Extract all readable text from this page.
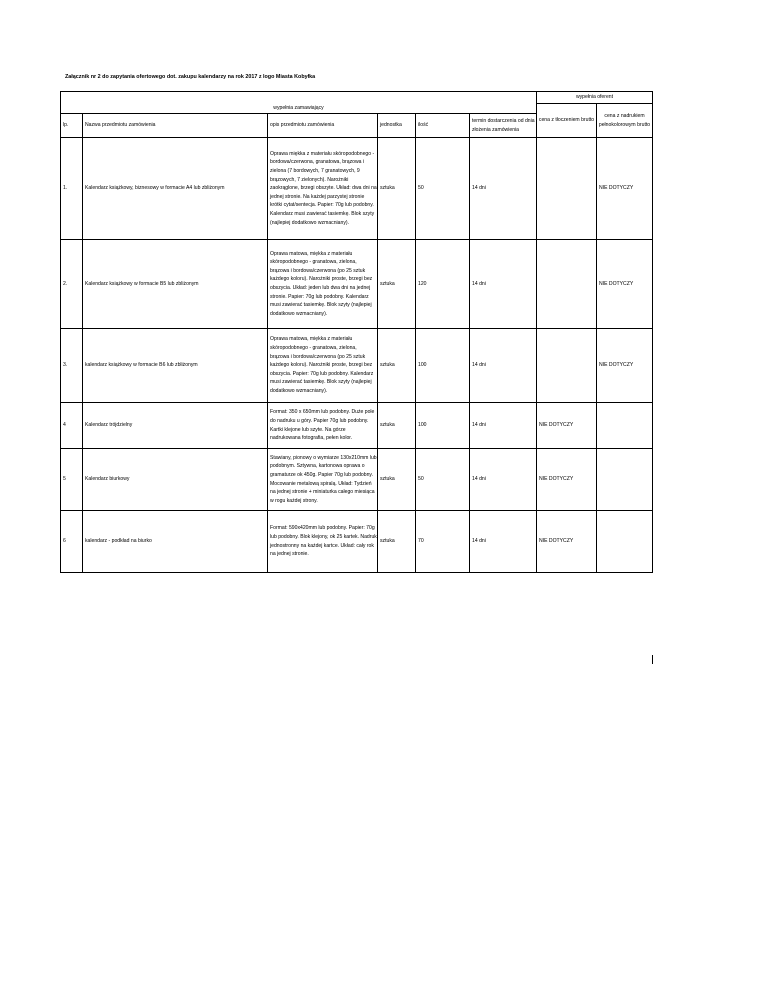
Załącznik nr 2 do zapytania ofertowego dot. zakupu kalendarzy na rok 2017 z logo Miasta Kobyłka
						wypełnia oferent	
wypełnia zamawiający						cena z tłoczeniem brutto	cena z nadrukiem pełnokolorowym brutto
lp.	Nazwa przedmiotu zamówienia	opis przedmiotu zamówienia	jednostka	ilość	termin dostarczenia od dnia złożenia zamówienia		
1.	Kalendarz książkowy, biznesowy w formacie A4 lub zbliżonym	Oprawa miękka z materiału skóropodobnego - bordowa/czerwona, granatowa, brązowa i zielona (7 bordowych, 7 granatowych, 9 brązowych, 7 zielonych). Narożniki zaokrąglone, brzegi obszyte. Układ: dwa dni na jednej stronie. Na każdej parzystej stronie krótki cytat/sentecja. Papier: 70g lub podobny. Kalendarz musi zawierać tasiemkę. Blok szyty (najlepiej dodatkowo wzmacniany).	sztuka	50	14 dni		NIE DOTYCZY
2.	Kalendarz książkowy w formacie B5 lub zbliżonym	Oprawa matowa, miękka z materiału skóropodobnego - granatowa, zielona, brązowa i bordowa/czerwona (po 25 sztuk każdego koloru). Narożniki proste, brzegi bez obszycia. Układ: jeden lub dwa dni na jednej stronie. Papier: 70g lub podobny. Kalendarz musi zawierać tasiemkę. Blok szyty (najlepiej dodatkowo wzmacniany).	sztuka	120	14 dni		NIE DOTYCZY
3.	kalendarz książkowy w formacie B6 lub zbliżonym	Oprawa matowa, miękka z materiału skóropodobnego - granatowa, zielona, brązowa i bordowa/czerwona (po 25 sztuk każdego koloru). Narożniki proste, brzegi bez obszycia. Papier: 70g lub podobny. Kalendarz musi zawierać tasiemkę. Blok szyty (najlepiej dodatkowo wzmacniany).	sztuka	100	14 dni		NIE DOTYCZY
4	Kalendarz trójdzielny	Format: 350 x 650mm lub podobny. Duże pole do nadruku u góry. Papier 70g lub podobny. Kartki klejone lub szyte. Na górze nadrukowana fotografia, pełen kolor.	sztuka	100	14 dni	NIE DOTYCZY	
5	Kalendarz biurkowy	Stawiany, pionowy o wymiarze 130x210mm lub podobnym. Sztywna, kartonowa oprawa o gramaturze ok 450g. Papier 70g lub podobny. Mocowanie metalową spiralą. Układ: Tydzień na jednej stronie + miniaturka całego miesiąca w rogu każdej strony.	sztuka	50	14 dni	NIE DOTYCZY	
6	kalendarz - podkład na biurko	Format: 590x420mm lub podobny. Papier: 70g lub podobny. Blok klejony, ok 25 kartek. Nadruk jednostronny na każdej kartce. Układ: cały rok na jednej stronie.	sztuka	70	14 dni	NIE DOTYCZY	
